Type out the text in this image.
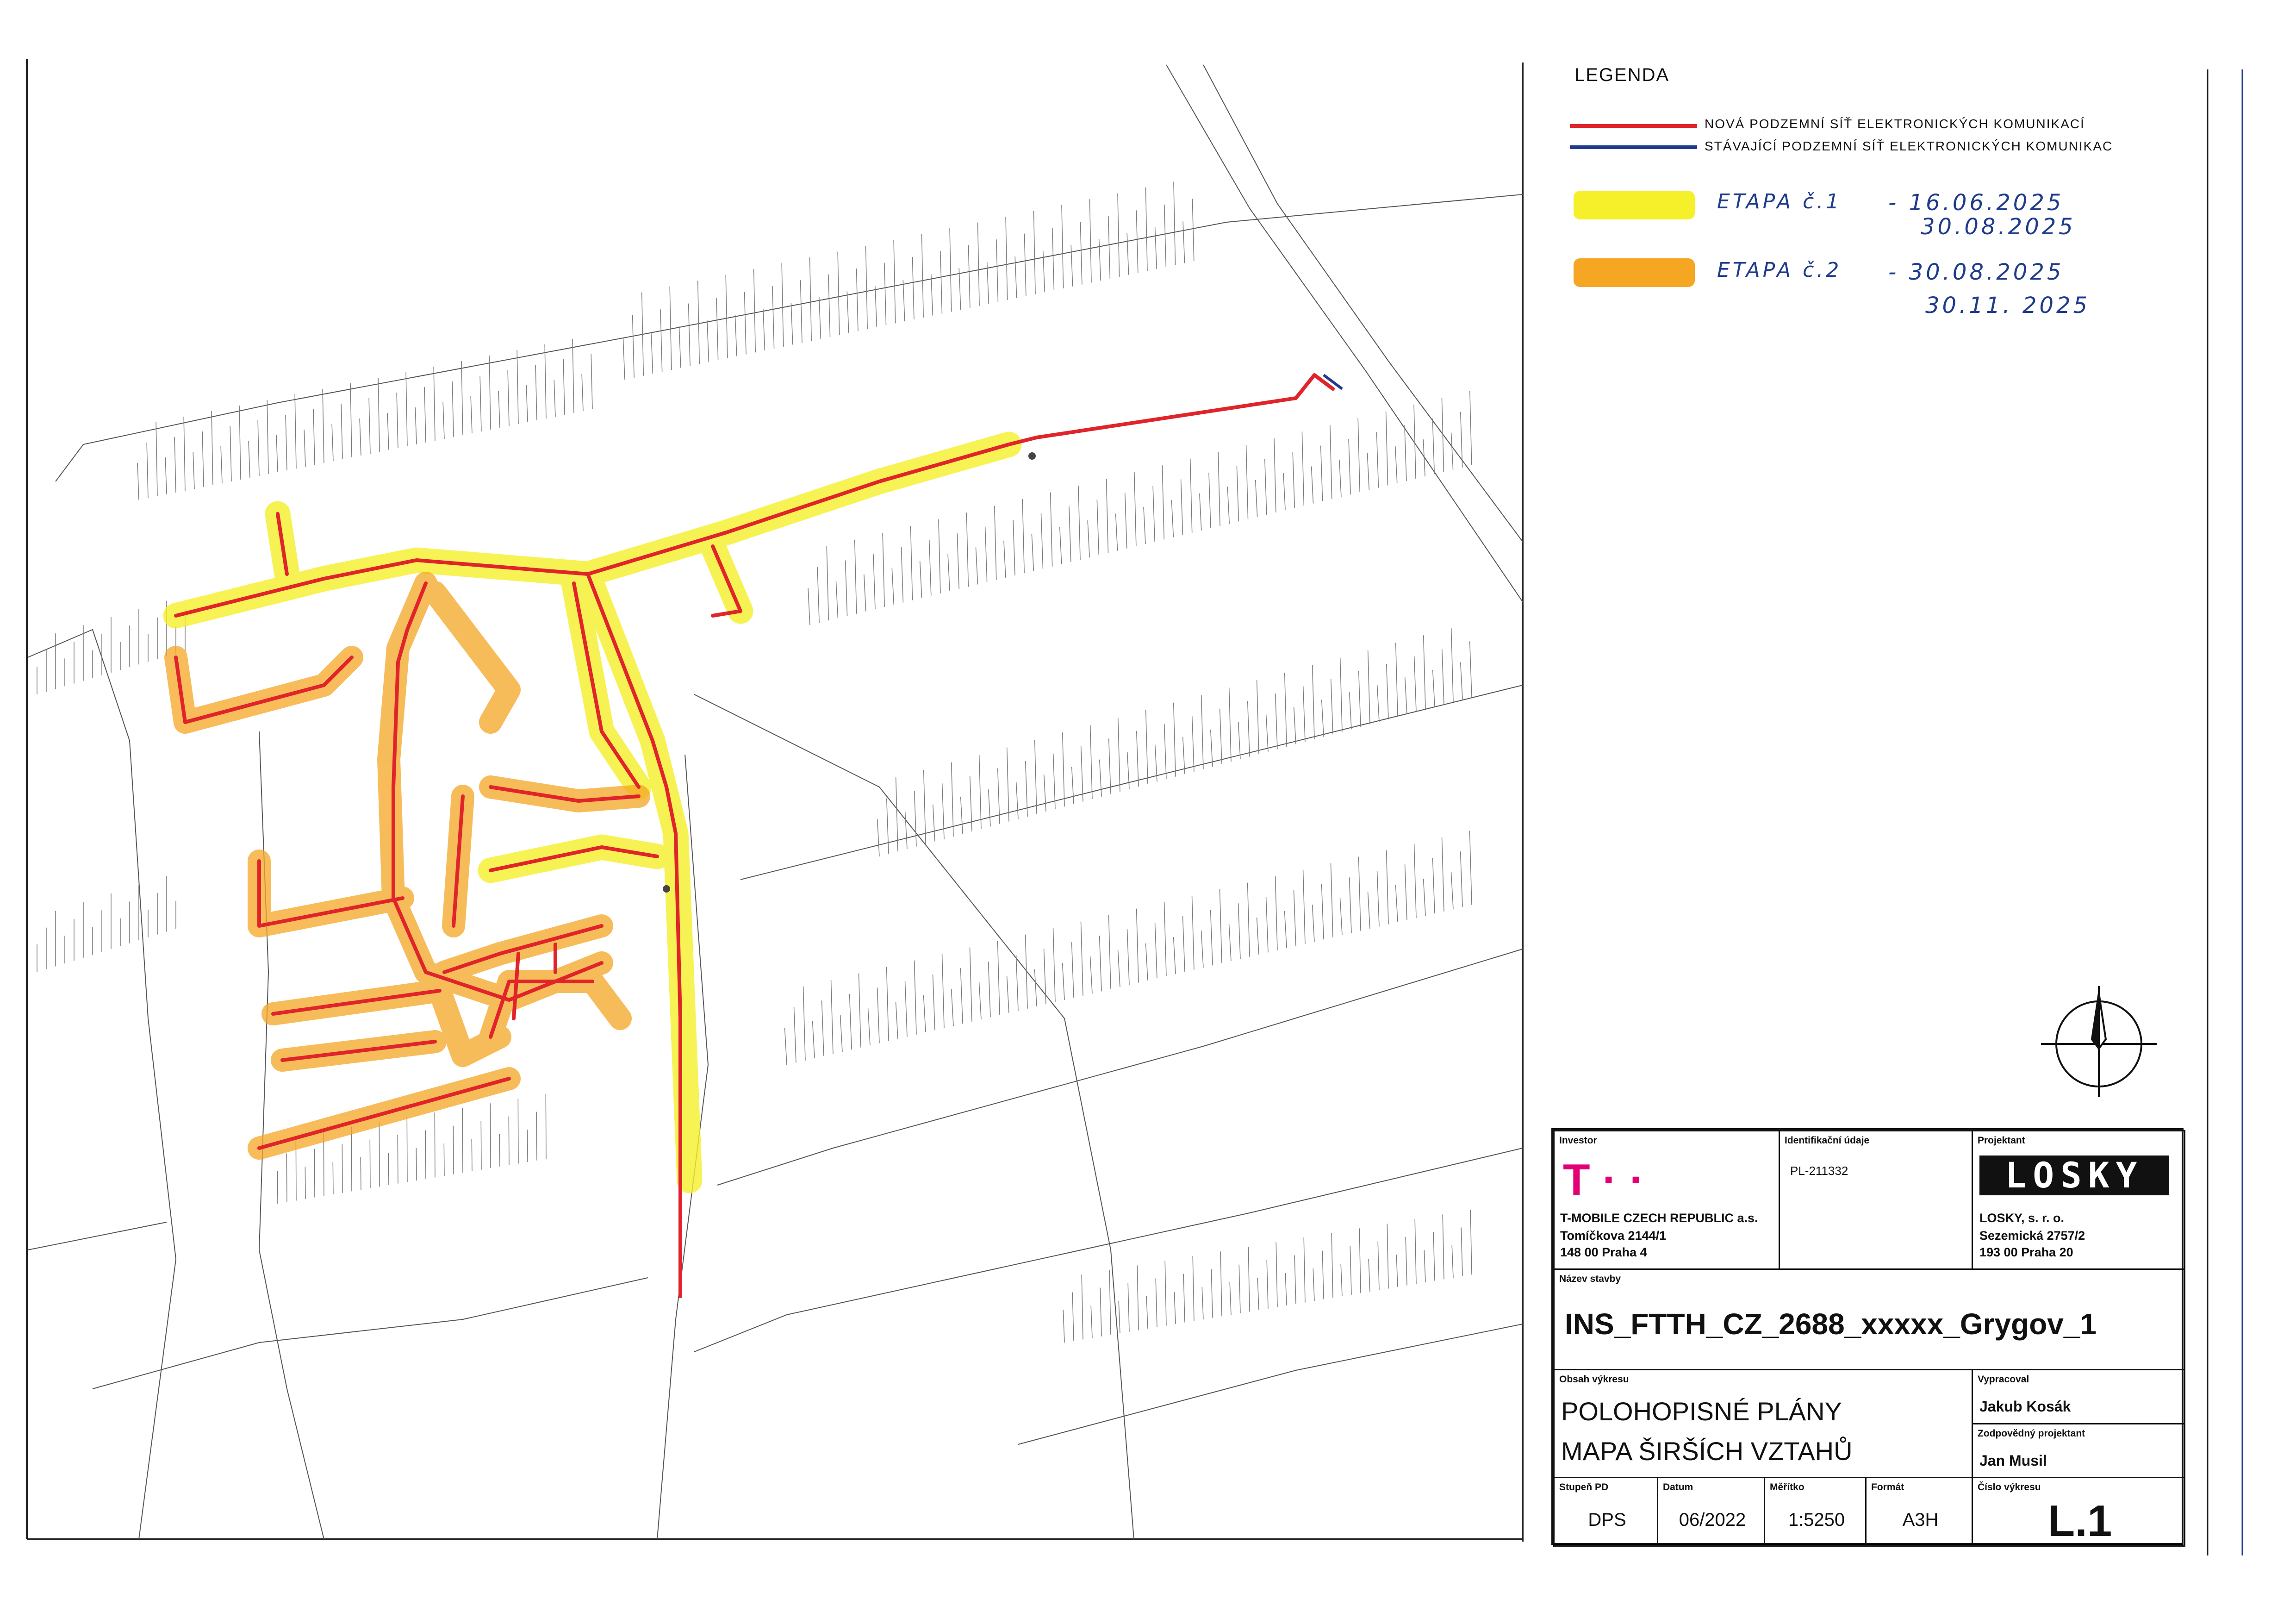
LEGENDA
NOVÁ PODZEMNÍ SÍŤ ELEKTRONICKÝCH KOMUNIKACÍ
STÁVAJÍCÍ PODZEMNÍ SÍŤ ELEKTRONICKÝCH KOMUNIKAC
ETAPA č.1 - 16.06.2025
30.08.2025
ETAPA č.2 - 30.08.2025
30.11. 2025
Investor
T · ·
T-MOBILE CZECH REPUBLIC a.s.
Tomíčkova 2144/1
148 00 Praha 4
Identifikační údaje
PL-211332
Projektant
LOSKY
LOSKY, s. r. o.
Sezemická 2757/2
193 00 Praha 20
Název stavby
INS_FTTH_CZ_2688_xxxxx_Grygov_1
Obsah výkresu
POLOHOPISNÉ PLÁNY
MAPA ŠIRŠÍCH VZTAHŮ
Vypracoval
Jakub Kosák
Zodpovědný projektant
Jan Musil
Stupeň PD
DPS
Datum
06/2022
Měřítko
1:5250
Formát
A3H
Číslo výkresu
L.1
